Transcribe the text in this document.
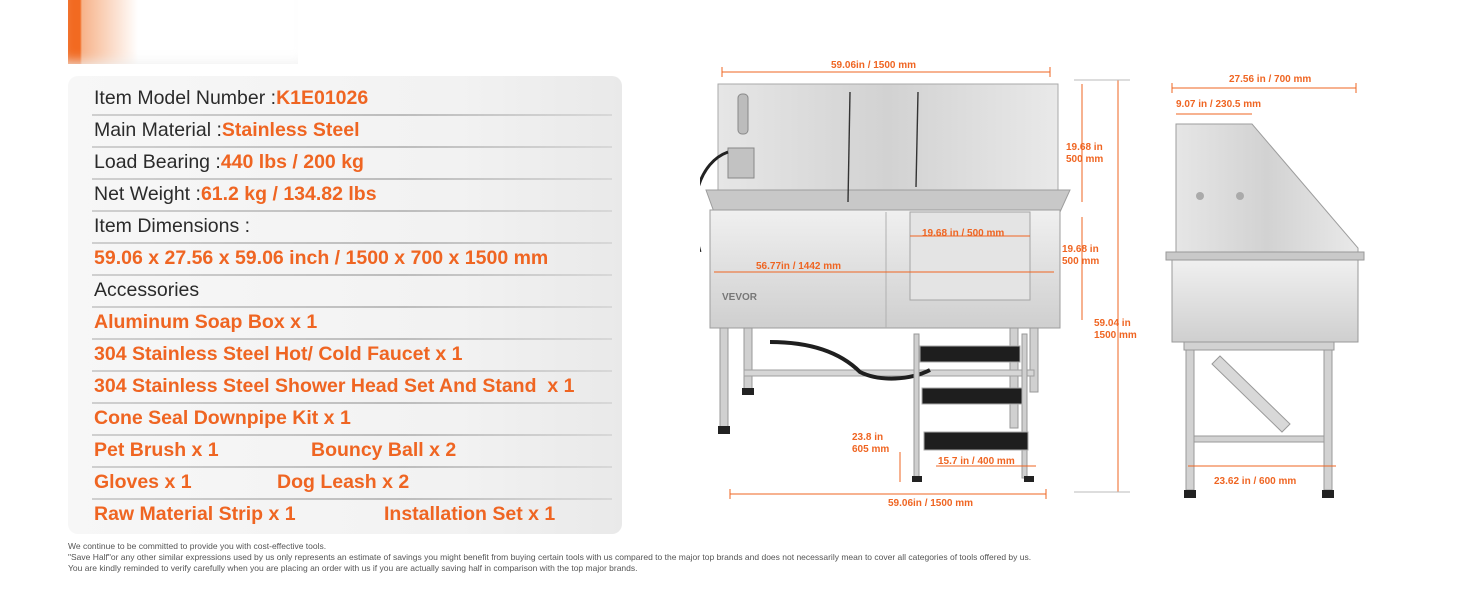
Item Model Number : K1E01026
Main Material : Stainless Steel
Load Bearing : 440 lbs / 200 kg
Net Weight : 61.2 kg / 134.82 lbs
Item Dimensions :
59.06 x 27.56 x 59.06 inch / 1500 x 700 x 1500 mm
Accessories
Aluminum Soap Box x 1
304 Stainless Steel Hot/ Cold Faucet x 1
304 Stainless Steel Shower Head Set And Stand  x 1
Cone Seal Downpipe Kit x 1
Pet Brush x 1	Bouncy Ball x 2
Gloves x 1	Dog Leash x 2
Raw Material Strip x 1	Installation Set x 1
VEVOR
59.06in / 1500 mm
19.68 in
500 mm
19.68 in / 500 mm
19.68 in
500 mm
56.77in / 1442 mm
59.04 in
1500 mm
23.8 in
605 mm
15.7 in / 400 mm
59.06in / 1500 mm
27.56 in / 700 mm
9.07 in / 230.5 mm
23.62 in / 600 mm
We continue to be committed to provide you with cost-effective tools.
"Save Half"or any other similar expressions used by us only represents an estimate of savings you might benefit from buying certain tools with us compared to the major top brands and does not necessarily mean to cover all categories of tools offered by us.
You are kindly reminded to verify carefully when you are placing an order with us if you are actually saving half in comparison with the top major brands.
